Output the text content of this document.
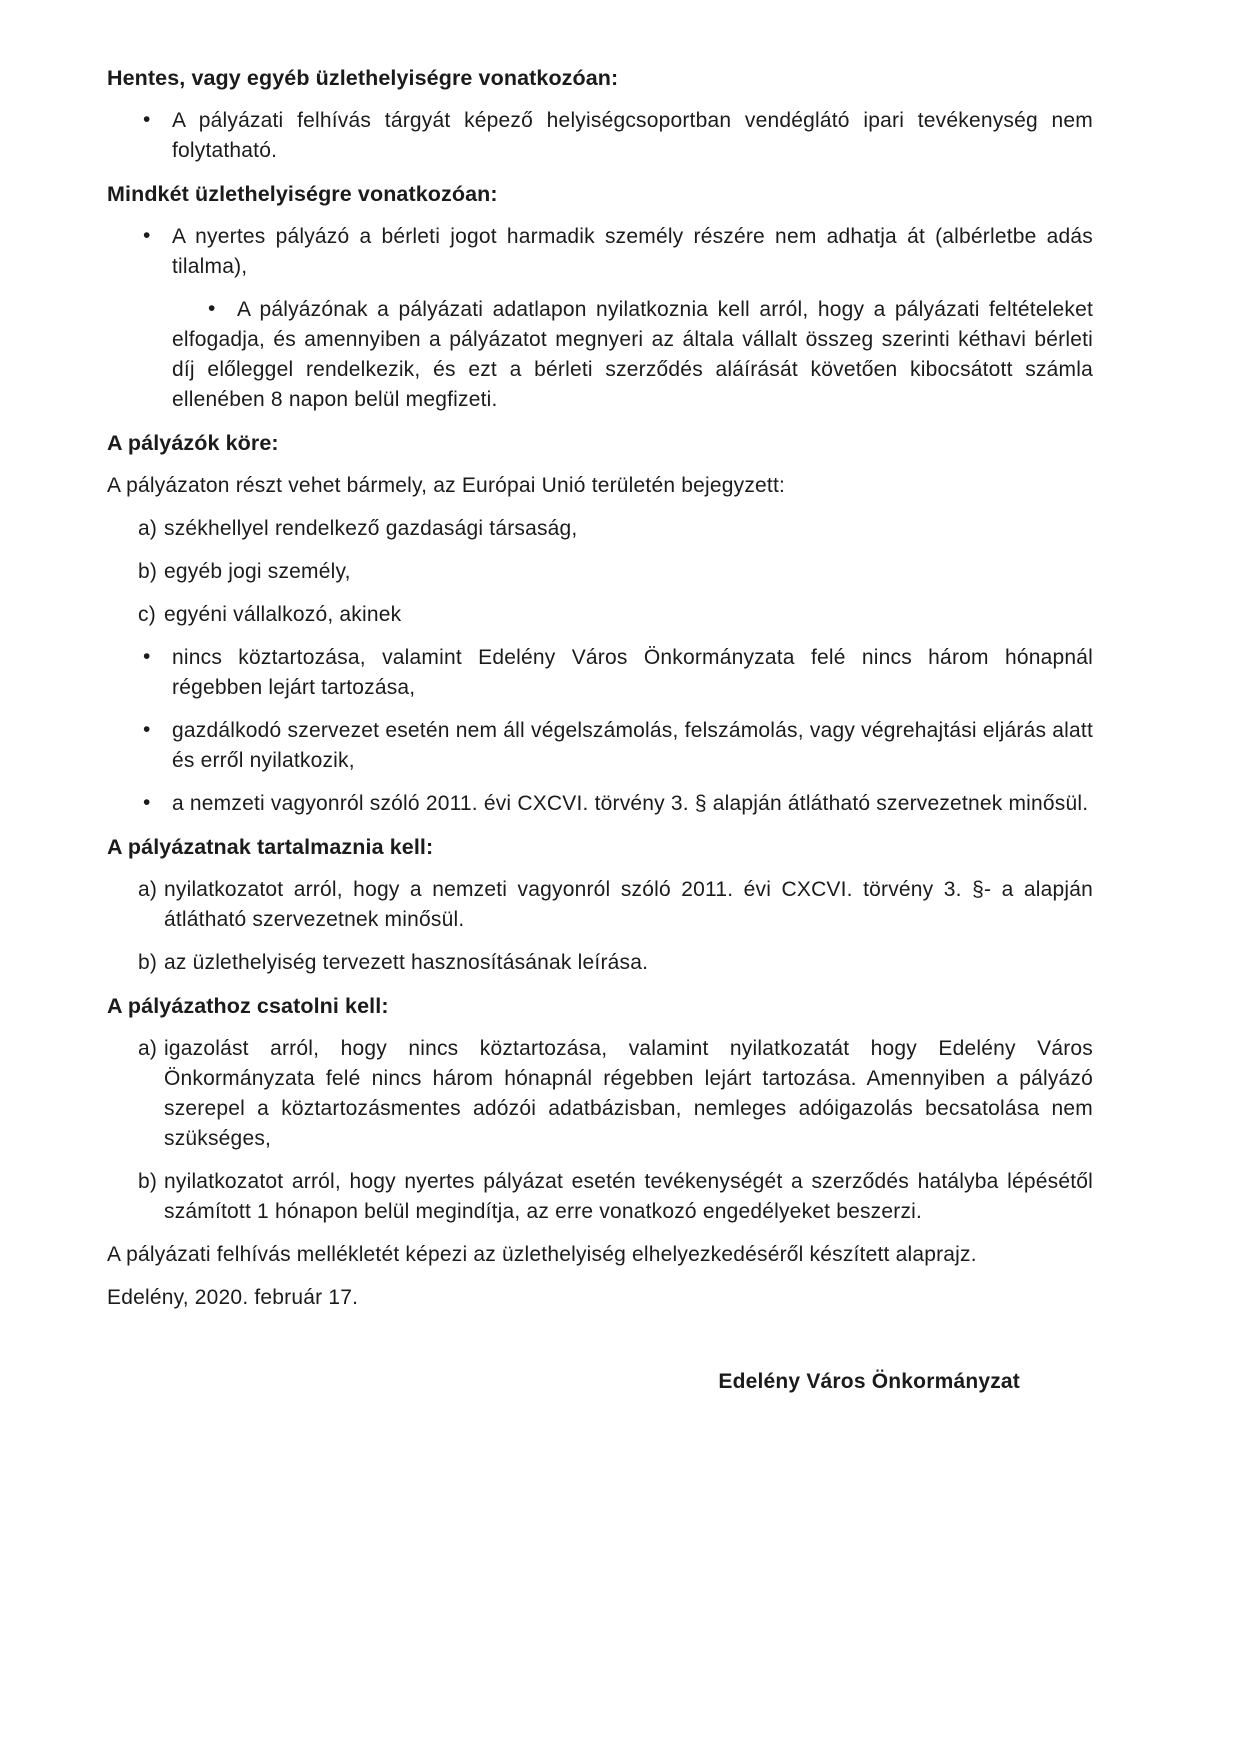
Hentes, vagy egyéb üzlethelyiségre vonatkozóan:
• A pályázati felhívás tárgyát képező helyiségcsoportban vendéglátó ipari tevékenység nem folytatható.
Mindkét üzlethelyiségre vonatkozóan:
• A nyertes pályázó a bérleti jogot harmadik személy részére nem adhatja át (albérletbe adás tilalma),
• A pályázónak a pályázati adatlapon nyilatkoznia kell arról, hogy a pályázati feltételeket elfogadja, és amennyiben a pályázatot megnyeri az általa vállalt összeg szerinti kéthavi bérleti díj előleggel rendelkezik, és ezt a bérleti szerződés aláírását követően kibocsátott számla ellenében 8 napon belül megfizeti.
A pályázók köre:
A pályázaton részt vehet bármely, az Európai Unió területén bejegyzett:
a) székhellyel rendelkező gazdasági társaság,
b) egyéb jogi személy,
c) egyéni vállalkozó, akinek
• nincs köztartozása, valamint Edelény Város Önkormányzata felé nincs három hónapnál régebben lejárt tartozása,
• gazdálkodó szervezet esetén nem áll végelszámolás, felszámolás, vagy végrehajtási eljárás alatt és erről nyilatkozik,
• a nemzeti vagyonról szóló 2011. évi CXCVI. törvény 3. § alapján átlátható szervezetnek minősül.
A pályázatnak tartalmaznia kell:
a) nyilatkozatot arról, hogy a nemzeti vagyonról szóló 2011. évi CXCVI. törvény 3. §- a alapján átlátható szervezetnek minősül.
b) az üzlethelyiség tervezett hasznosításának leírása.
A pályázathoz csatolni kell:
a) igazolást arról, hogy nincs köztartozása, valamint nyilatkozatát hogy Edelény Város Önkormányzata felé nincs három hónapnál régebben lejárt tartozása. Amennyiben a pályázó szerepel a köztartozásmentes adózói adatbázisban, nemleges adóigazolás becsatolása nem szükséges,
b) nyilatkozatot arról, hogy nyertes pályázat esetén tevékenységét a szerződés hatályba lépésétől számított 1 hónapon belül megindítja, az erre vonatkozó engedélyeket beszerzi.
A pályázati felhívás mellékletét képezi az üzlethelyiség elhelyezkedéséről készített alaprajz.
Edelény, 2020. február 17.
Edelény Város Önkormányzat
